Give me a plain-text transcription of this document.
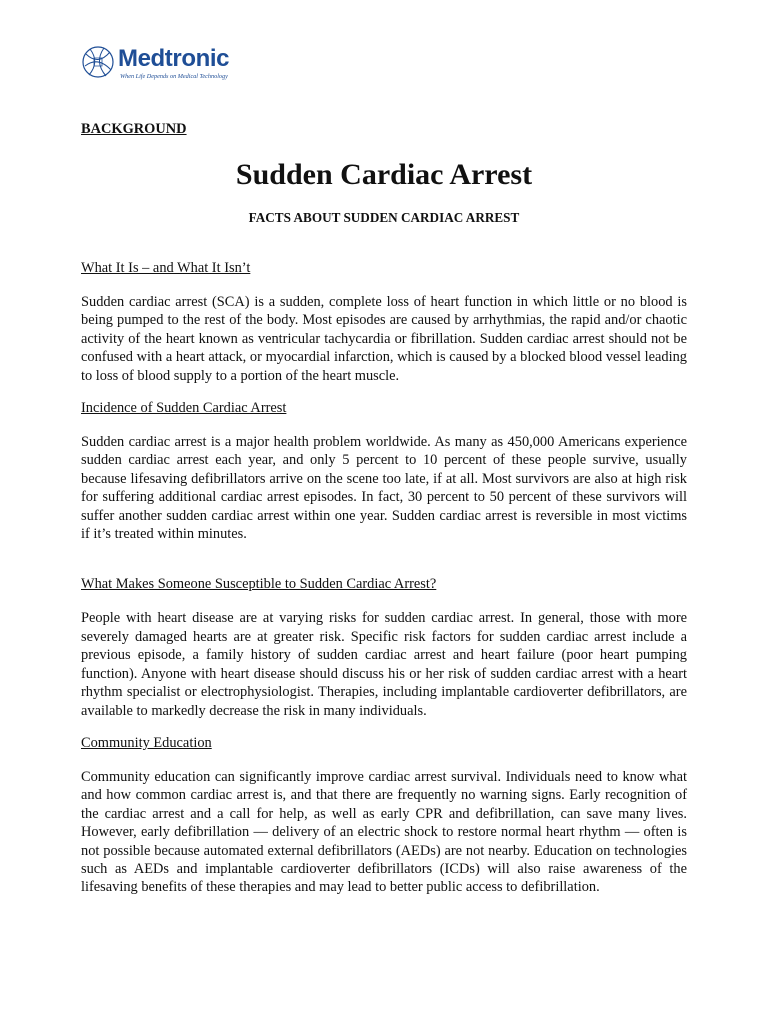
Medtronic
When Life Depends on Medical Technology
BACKGROUND
Sudden Cardiac Arrest
FACTS ABOUT SUDDEN CARDIAC ARREST
What It Is – and What It Isn’t
Sudden cardiac arrest (SCA) is a sudden, complete loss of heart function in which little or no blood is being pumped to the rest of the body. Most episodes are caused by arrhythmias, the rapid and/or chaotic activity of the heart known as ventricular tachycardia or fibrillation. Sudden cardiac arrest should not be confused with a heart attack, or myocardial infarction, which is caused by a blocked blood vessel leading to loss of blood supply to a portion of the heart muscle.
Incidence of Sudden Cardiac Arrest
Sudden cardiac arrest is a major health problem worldwide. As many as 450,000 Americans experience sudden cardiac arrest each year, and only 5 percent to 10 percent of these people survive, usually because lifesaving defibrillators arrive on the scene too late, if at all. Most survivors are also at high risk for suffering additional cardiac arrest episodes. In fact, 30 percent to 50 percent of these survivors will suffer another sudden cardiac arrest within one year. Sudden cardiac arrest is reversible in most victims if it’s treated within minutes.
What Makes Someone Susceptible to Sudden Cardiac Arrest?
People with heart disease are at varying risks for sudden cardiac arrest. In general, those with more severely damaged hearts are at greater risk. Specific risk factors for sudden cardiac arrest include a previous episode, a family history of sudden cardiac arrest and heart failure (poor heart pumping function). Anyone with heart disease should discuss his or her risk of sudden cardiac arrest with a heart rhythm specialist or electrophysiologist. Therapies, including implantable cardioverter defibrillators, are available to markedly decrease the risk in many individuals.
Community Education
Community education can significantly improve cardiac arrest survival. Individuals need to know what and how common cardiac arrest is, and that there are frequently no warning signs. Early recognition of the cardiac arrest and a call for help, as well as early CPR and defibrillation, can save many lives. However, early defibrillation — delivery of an electric shock to restore normal heart rhythm — often is not possible because automated external defibrillators (AEDs) are not nearby. Education on technologies such as AEDs and implantable cardioverter defibrillators (ICDs) will also raise awareness of the lifesaving benefits of these therapies and may lead to better public access to defibrillation.
